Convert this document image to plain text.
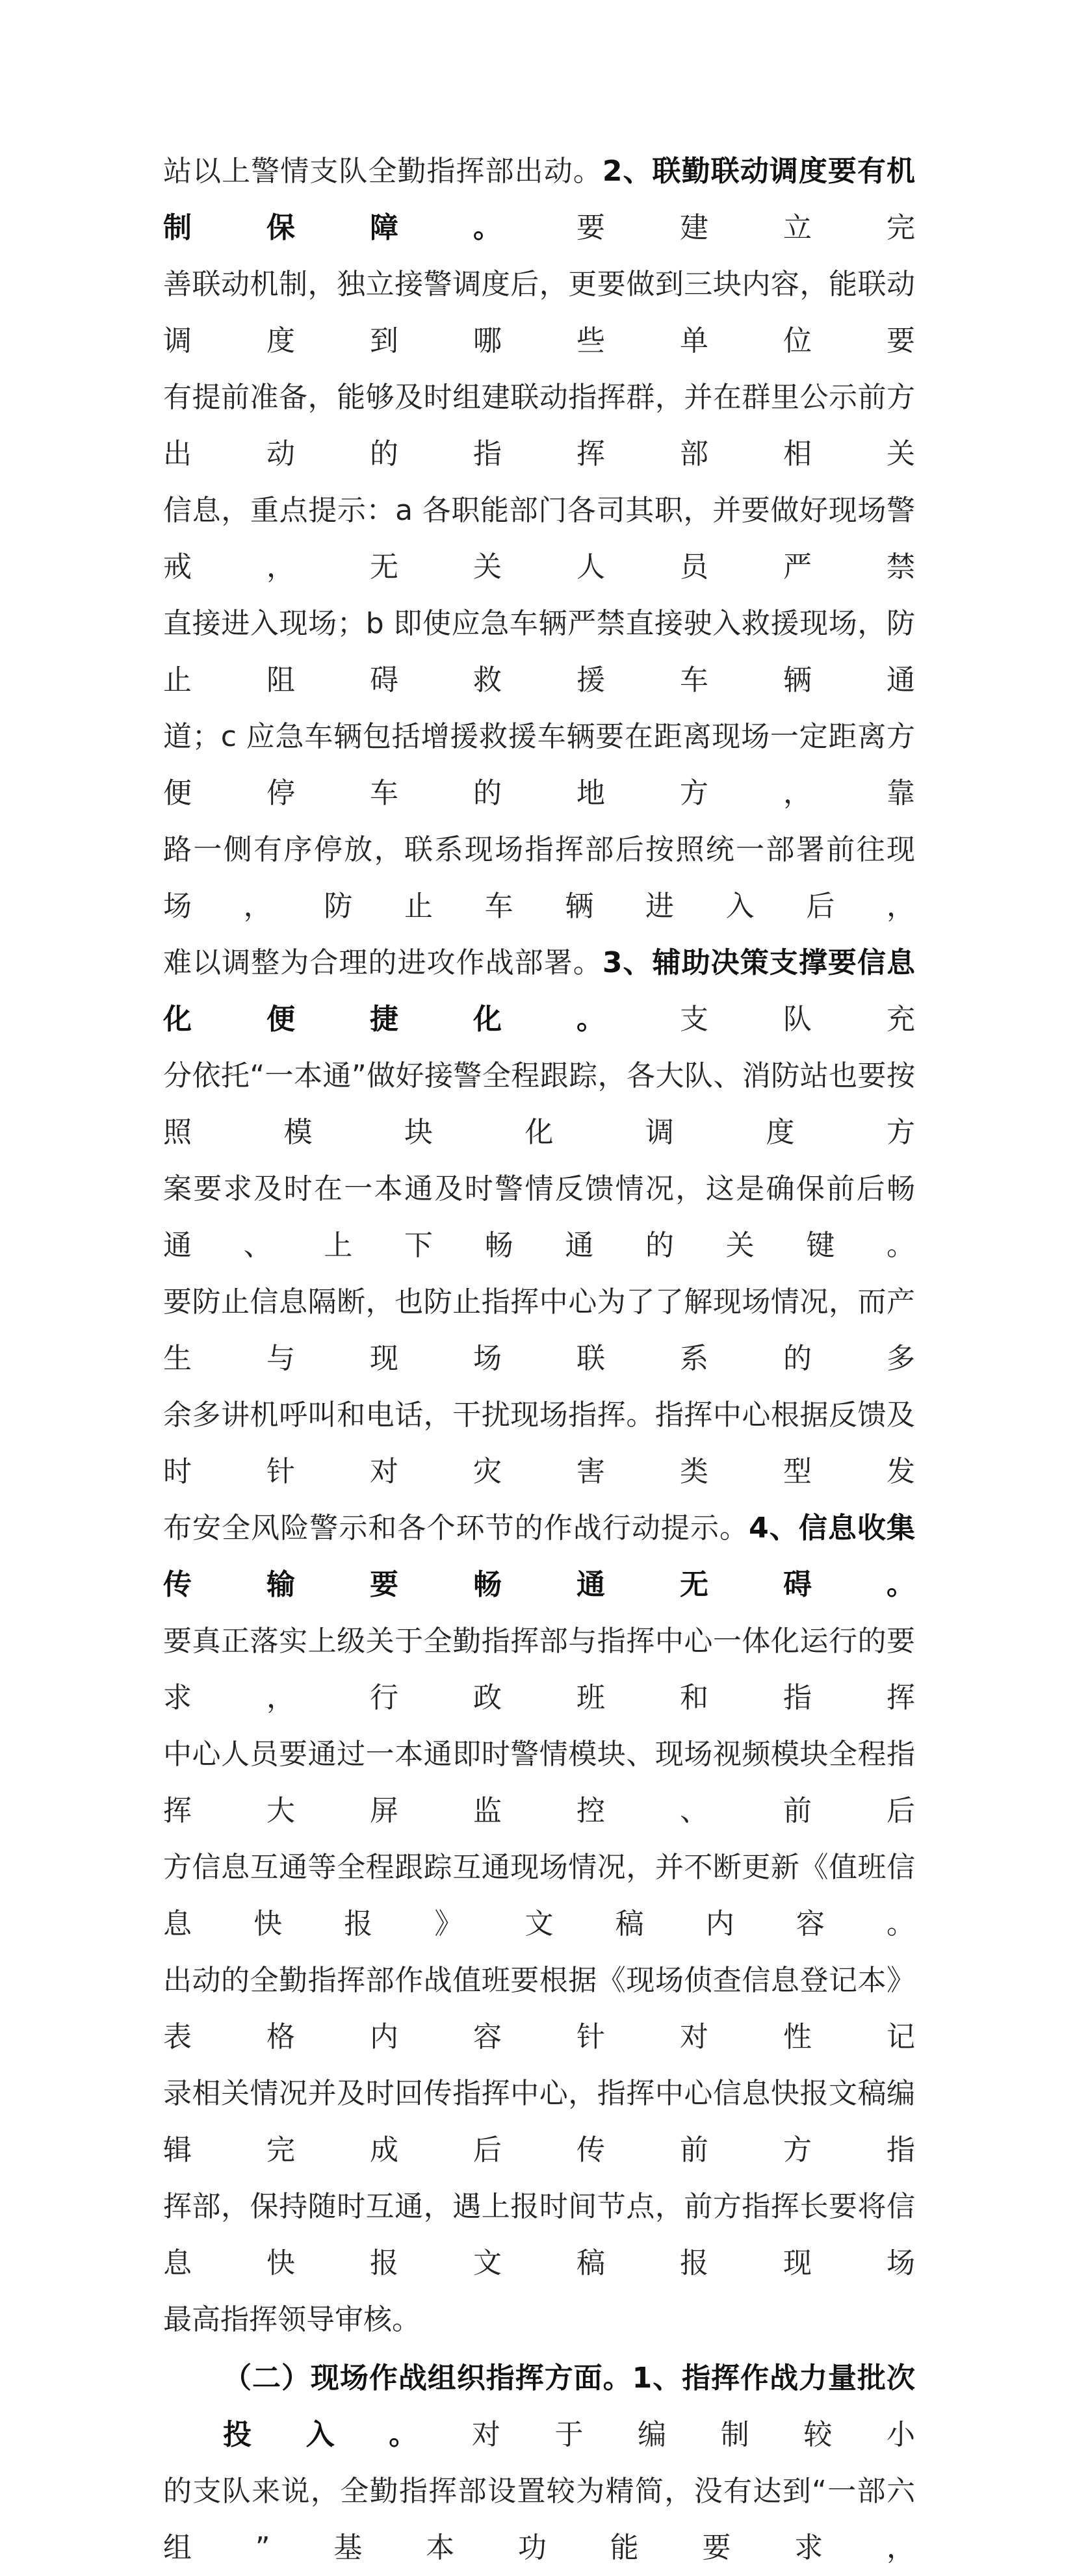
站以上警情支队全勤指挥部出动。2、联勤联动调度要有机制保障。要建立完
善联动机制，独立接警调度后，更要做到三块内容，能联动调度到哪些单位要
有提前准备，能够及时组建联动指挥群，并在群里公示前方出动的指挥部相关
信息，重点提示：a 各职能部门各司其职，并要做好现场警戒，无关人员严禁
直接进入现场；b 即使应急车辆严禁直接驶入救援现场，防止阻碍救援车辆通
道；c 应急车辆包括增援救援车辆要在距离现场一定距离方便停车的地方，靠
路一侧有序停放，联系现场指挥部后按照统一部署前往现场，防止车辆进入后，
难以调整为合理的进攻作战部署。3、辅助决策支撑要信息化便捷化。支队充
分依托“一本通”做好接警全程跟踪，各大队、消防站也要按照模块化调度方
案要求及时在一本通及时警情反馈情况，这是确保前后畅通、上下畅通的关键。
要防止信息隔断，也防止指挥中心为了了解现场情况，而产生与现场联系的多
余多讲机呼叫和电话，干扰现场指挥。指挥中心根据反馈及时针对灾害类型发
布安全风险警示和各个环节的作战行动提示。4、信息收集传输要畅通无碍。
要真正落实上级关于全勤指挥部与指挥中心一体化运行的要求，行政班和指挥
中心人员要通过一本通即时警情模块、现场视频模块全程指挥大屏监控、前后
方信息互通等全程跟踪互通现场情况，并不断更新《值班信息快报》文稿内容。
出动的全勤指挥部作战值班要根据《现场侦查信息登记本》表格内容针对性记
录相关情况并及时回传指挥中心，指挥中心信息快报文稿编辑完成后传前方指
挥部，保持随时互通，遇上报时间节点，前方指挥长要将信息快报文稿报现场
最高指挥领导审核。
（二）现场作战组织指挥方面。1、指挥作战力量批次投入。对于编制较小
的支队来说，全勤指挥部设置较为精简，没有达到“一部六组”基本功能要求，
